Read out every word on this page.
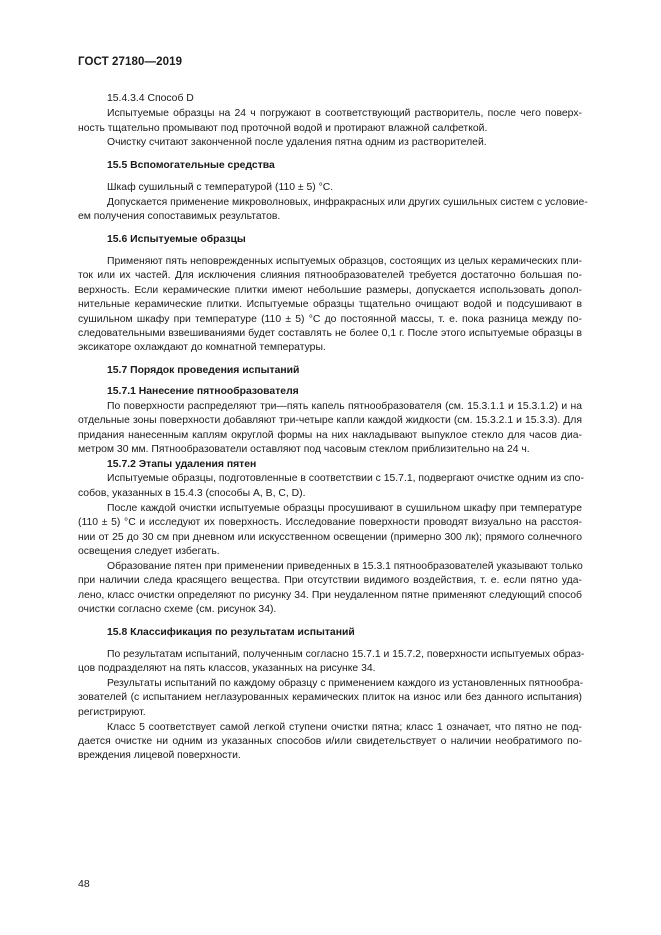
ГОСТ 27180—2019
15.4.3.4 Способ D
Испытуемые образцы на 24 ч погружают в соответствующий растворитель, после чего поверх-
ность тщательно промывают под проточной водой и протирают влажной салфеткой.
Очистку считают законченной после удаления пятна одним из растворителей.
15.5 Вспомогательные средства
Шкаф сушильный с температурой (110 ± 5) °С.
Допускается применение микроволновых, инфракрасных или других сушильных систем с условиe-
ем получения сопоставимых результатов.
15.6 Испытуемые образцы
Применяют пять неповрежденных испытуемых образцов, состоящих из целых керамических пли-
ток или их частей. Для исключения слияния пятнообразователей требуется достаточно большая по-
верхность. Если керамические плитки имеют небольшие размеры, допускается использовать допол-
нительные керамические плитки. Испытуемые образцы тщательно очищают водой и подсушивают в
сушильном шкафу при температуре (110 ± 5) °С до постоянной массы, т. е. пока разница между по-
следовательными взвешиваниями будет составлять не более 0,1 г. После этого испытуемые образцы в
эксикаторе охлаждают до комнатной температуры.
15.7 Порядок проведения испытаний
15.7.1 Нанесение пятнообразователя
По поверхности распределяют три—пять капель пятнообразователя (см. 15.3.1.1 и 15.3.1.2) и на
отдельные зоны поверхности добавляют три-четыре капли каждой жидкости (см. 15.3.2.1 и 15.3.3). Для
придания нанесенным каплям округлой формы на них накладывают выпуклое стекло для часов диа-
метром 30 мм. Пятнообразователи оставляют под часовым стеклом приблизительно на 24 ч.
15.7.2 Этапы удаления пятен
Испытуемые образцы, подготовленные в соответствии с 15.7.1, подвергают очистке одним из спо-
собов, указанных в 15.4.3 (способы А, В, С, D).
После каждой очистки испытуемые образцы просушивают в сушильном шкафу при температуре
(110 ± 5) °С и исследуют их поверхность. Исследование поверхности проводят визуально на расстоя-
нии от 25 до 30 см при дневном или искусственном освещении (примерно 300 лк); прямого солнечного
освещения следует избегать.
Образование пятен при применении приведенных в 15.3.1 пятнообразователей указывают только
при наличии следа красящего вещества. При отсутствии видимого воздействия, т. е. если пятно уда-
лено, класс очистки определяют по рисунку 34. При неудаленном пятне применяют следующий способ
очистки согласно схеме (см. рисунок 34).
15.8 Классификация по результатам испытаний
По результатам испытаний, полученным согласно 15.7.1 и 15.7.2, поверхности испытуемых образ-
цов подразделяют на пять классов, указанных на рисунке 34.
Результаты испытаний по каждому образцу с применением каждого из установленных пятнообра-
зователей (с испытанием неглазурованных керамических плиток на износ или без данного испытания)
регистрируют.
Класс 5 соответствует самой легкой ступени очистки пятна; класс 1 означает, что пятно не под-
дается очистке ни одним из указанных способов и/или свидетельствует о наличии необратимого по-
вреждения лицевой поверхности.
48
